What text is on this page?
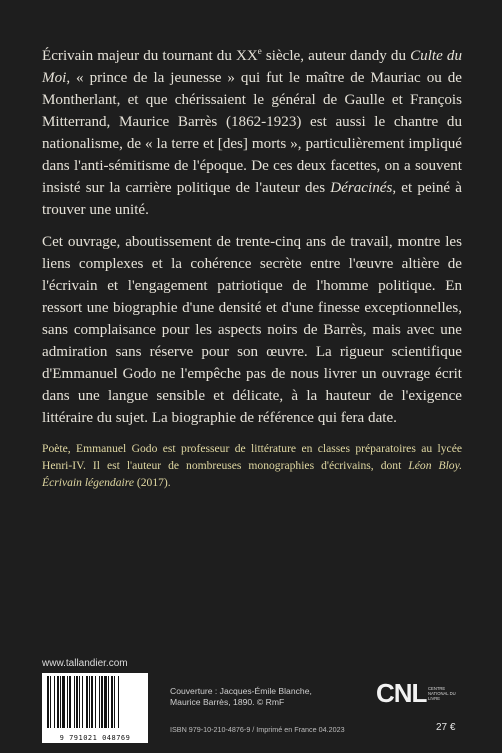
Écrivain majeur du tournant du XXe siècle, auteur dandy du Culte du Moi, « prince de la jeunesse » qui fut le maître de Mauriac ou de Montherlant, et que chérissaient le général de Gaulle et François Mitterrand, Maurice Barrès (1862-1923) est aussi le chantre du nationalisme, de « la terre et [des] morts », particulièrement impliqué dans l'anti-sémitisme de l'époque. De ces deux facettes, on a souvent insisté sur la carrière politique de l'auteur des Déracinés, et peiné à trouver une unité.

Cet ouvrage, aboutissement de trente-cinq ans de travail, montre les liens complexes et la cohérence secrète entre l'œuvre altière de l'écrivain et l'engagement patriotique de l'homme politique. En ressort une biographie d'une densité et d'une finesse exceptionnelles, sans complaisance pour les aspects noirs de Barrès, mais avec une admiration sans réserve pour son œuvre. La rigueur scientifique d'Emmanuel Godo ne l'empêche pas de nous livrer un ouvrage écrit dans une langue sensible et délicate, à la hauteur de l'exigence littéraire du sujet. La biographie de référence qui fera date.

Poète, Emmanuel Godo est professeur de littérature en classes préparatoires au lycée Henri-IV. Il est l'auteur de nombreuses monographies d'écrivains, dont Léon Bloy. Écrivain légendaire (2017).
www.tallandier.com
9 791021 048769
Couverture : Jacques-Émile Blanche,
Maurice Barrès, 1890. © RmF
ISBN 979-10-210-4876-9 / Imprimé en France 04.2023
CNL CENTRE NATIONAL DU LIVRE
27 €
